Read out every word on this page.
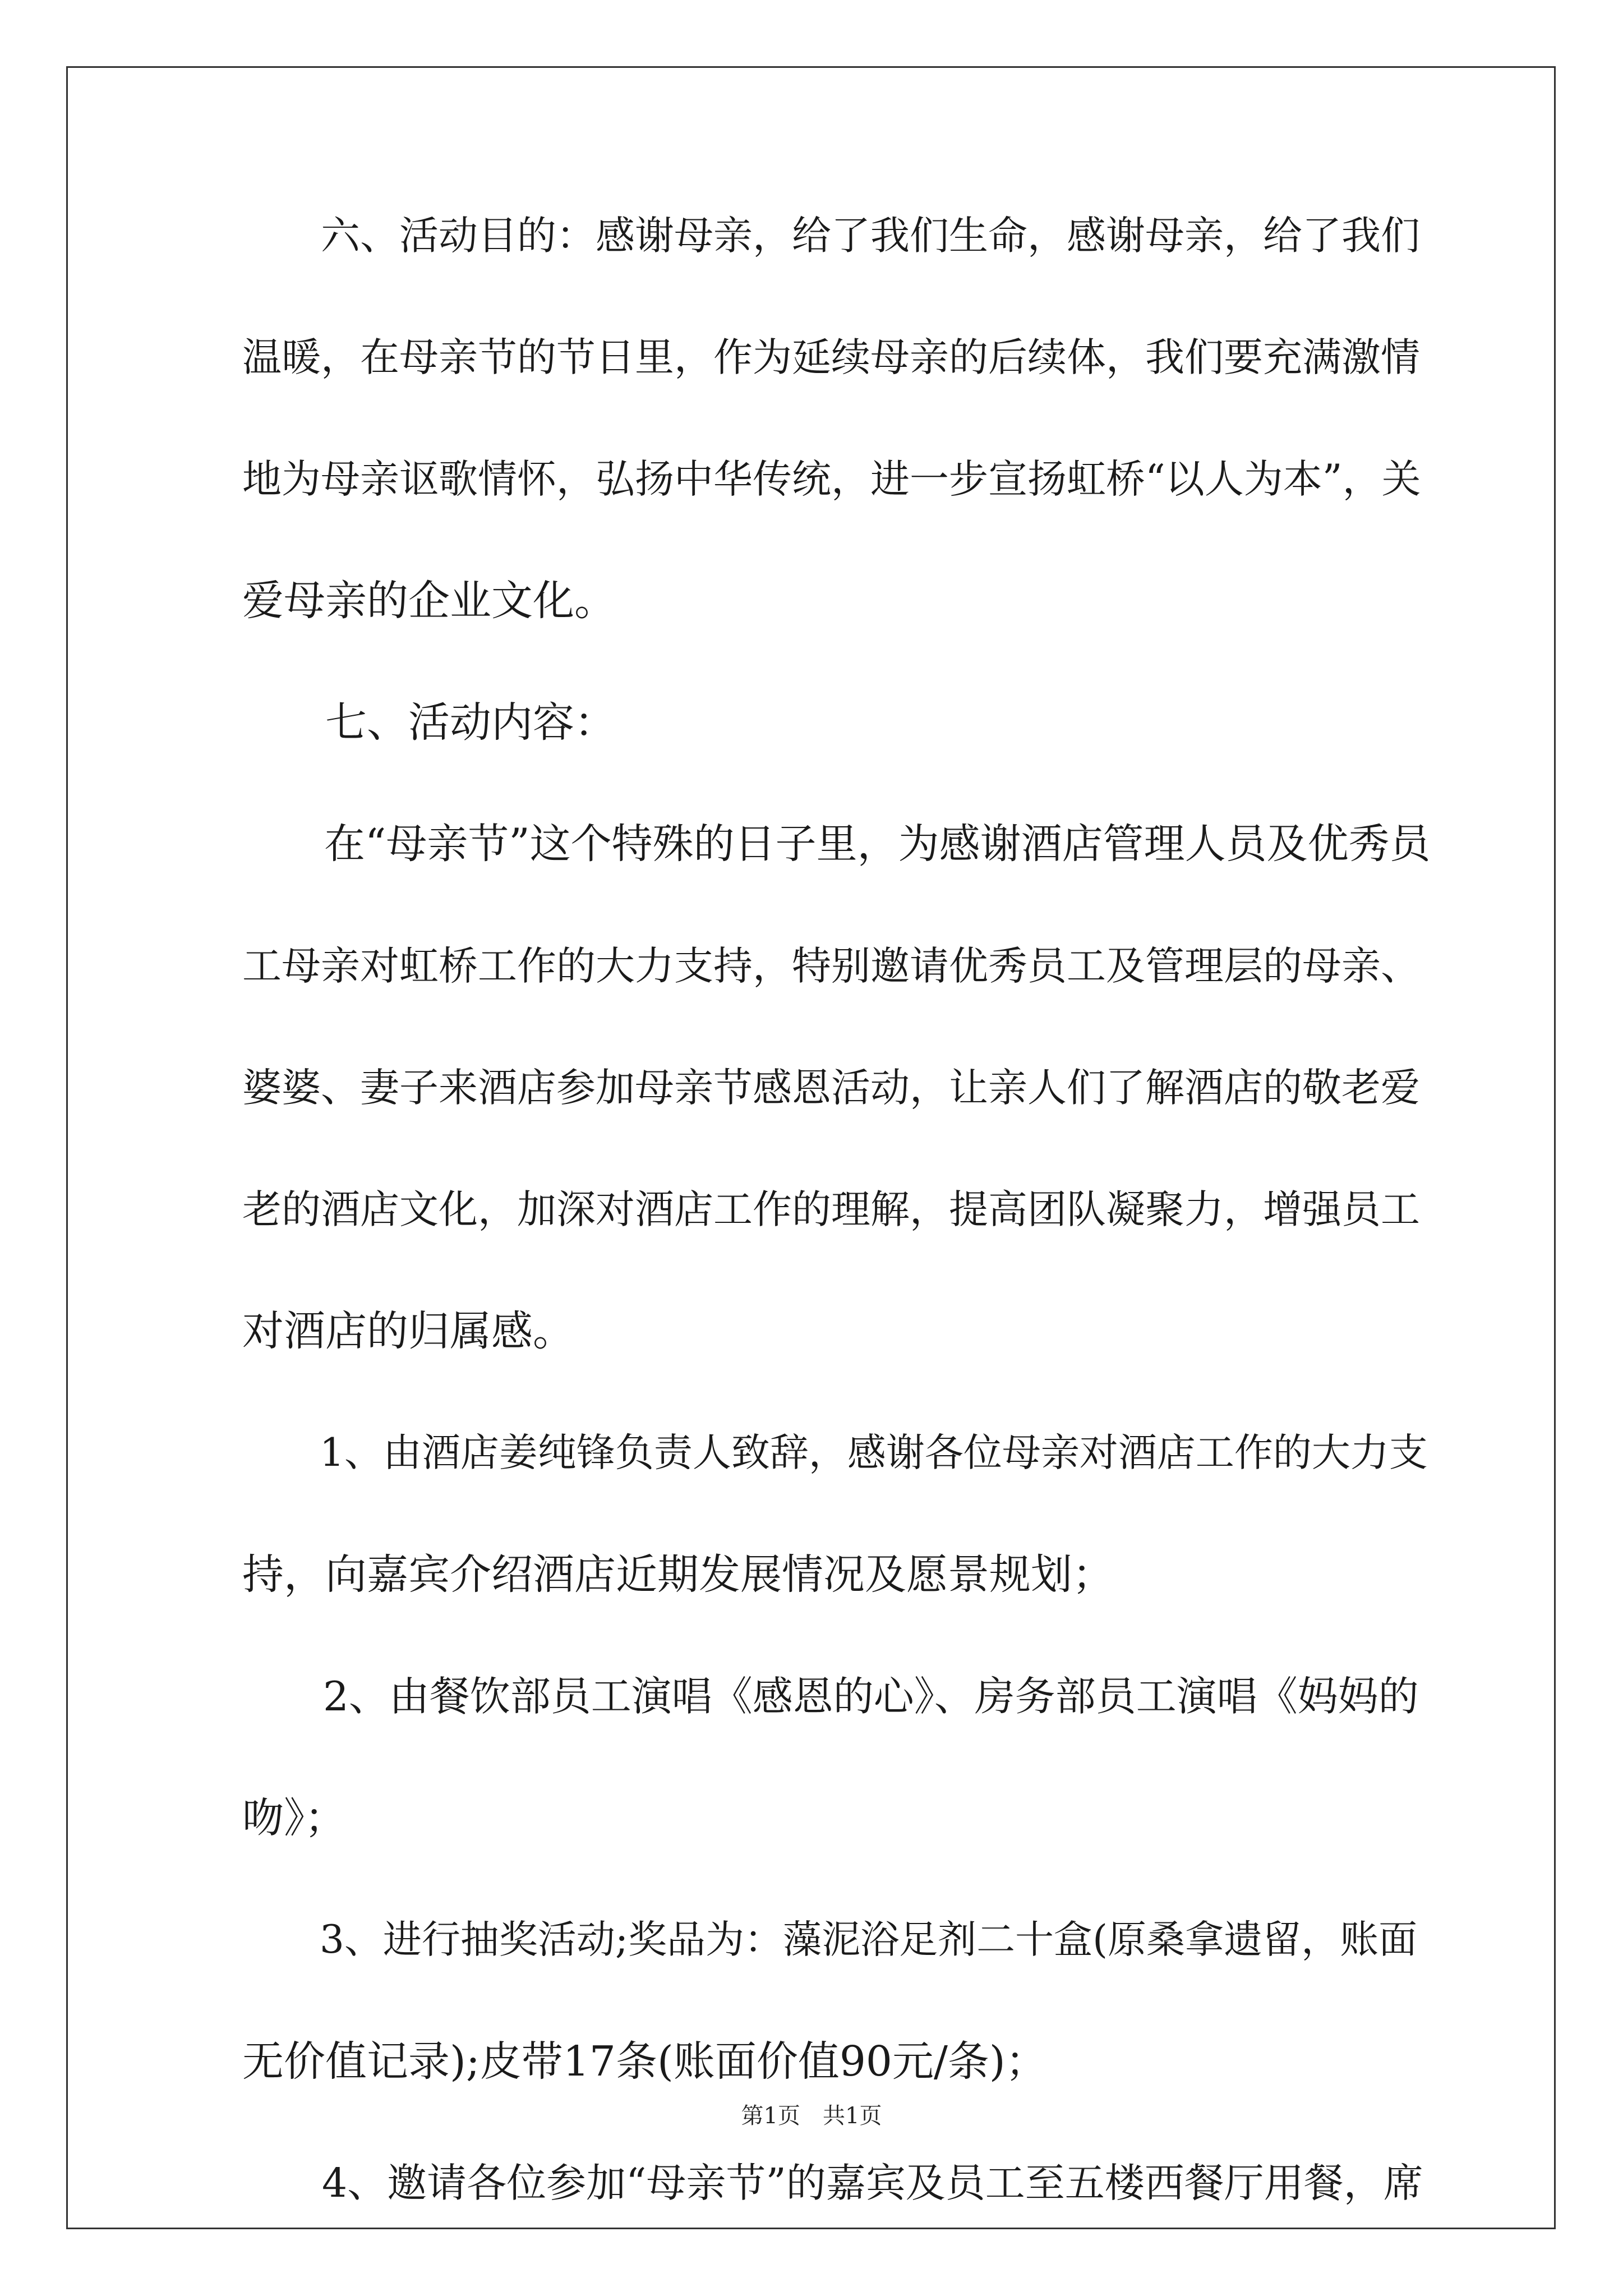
　　六、活动目的：感谢母亲，给了我们生命，感谢母亲，给了我们
温暖，在母亲节的节日里，作为延续母亲的后续体，我们要充满激情
地为母亲讴歌情怀，弘扬中华传统，进一步宣扬虹桥“以人为本”，关
爱母亲的企业文化。
　　七、活动内容：
　　在“母亲节”这个特殊的日子里，为感谢酒店管理人员及优秀员
工母亲对虹桥工作的大力支持，特别邀请优秀员工及管理层的母亲、
婆婆、妻子来酒店参加母亲节感恩活动，让亲人们了解酒店的敬老爱
老的酒店文化，加深对酒店工作的理解，提高团队凝聚力，增强员工
对酒店的归属感。
　　1、由酒店姜纯锋负责人致辞，感谢各位母亲对酒店工作的大力支
持，向嘉宾介绍酒店近期发展情况及愿景规划；
　　2、由餐饮部员工演唱《感恩的心》、房务部员工演唱《妈妈的
吻》；
　　3、进行抽奖活动;奖品为：藻泥浴足剂二十盒(原桑拿遗留，账面
无价值记录);皮带17条(账面价值90元/条)；
　　4、邀请各位参加“母亲节”的嘉宾及员工至五楼西餐厅用餐，席
第1页　共1页
